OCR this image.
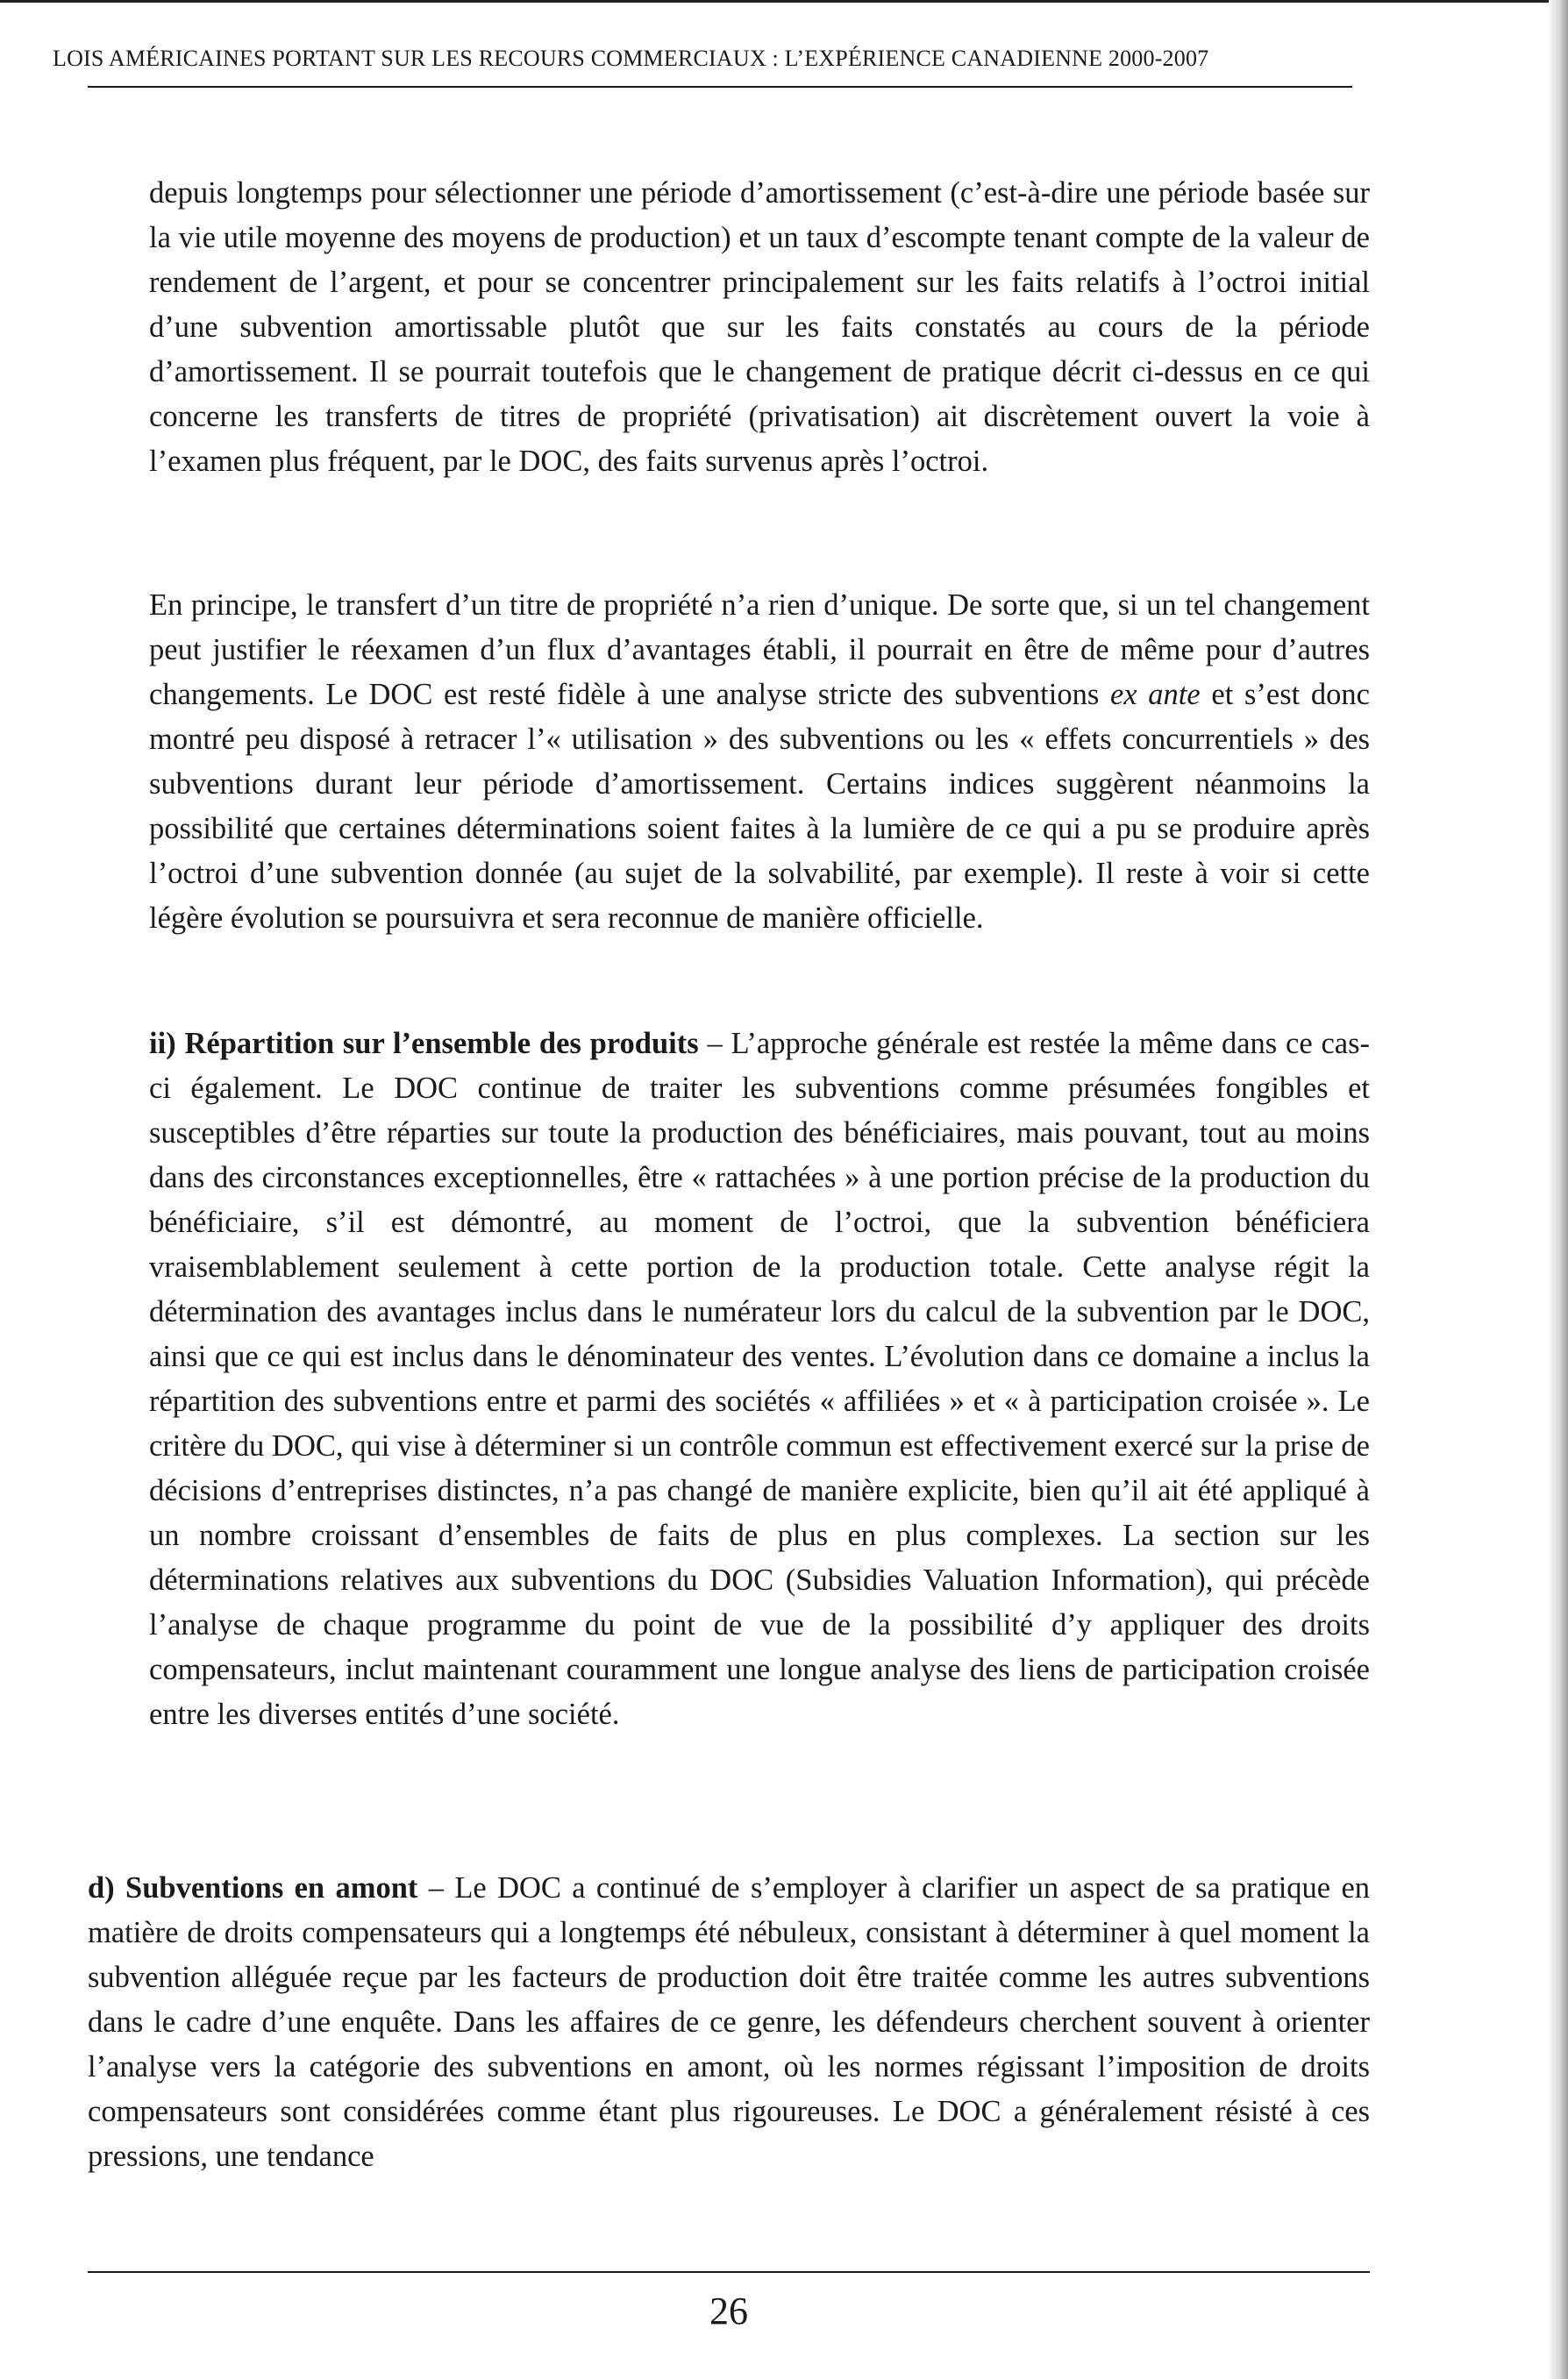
LOIS AMÉRICAINES PORTANT SUR LES RECOURS COMMERCIAUX : L’EXPÉRIENCE CANADIENNE 2000-2007

depuis longtemps pour sélectionner une période d’amortissement (c’est-à-dire une période basée sur la vie utile moyenne des moyens de production) et un taux d’escompte tenant compte de la valeur de rendement de l’argent, et pour se concentrer principalement sur les faits relatifs à l’octroi initial d’une subvention amortissable plutôt que sur les faits constatés au cours de la période d’amortissement. Il se pourrait toutefois que le changement de pratique décrit ci-dessus en ce qui concerne les transferts de titres de propriété (privatisation) ait discrètement ouvert la voie à l’examen plus fréquent, par le DOC, des faits survenus après l’octroi.

En principe, le transfert d’un titre de propriété n’a rien d’unique. De sorte que, si un tel changement peut justifier le réexamen d’un flux d’avantages établi, il pourrait en être de même pour d’autres changements. Le DOC est resté fidèle à une analyse stricte des subventions ex ante et s’est donc montré peu disposé à retracer l’« utilisation » des subventions ou les « effets concurrentiels » des subventions durant leur période d’amortissement. Certains indices suggèrent néanmoins la possibilité que certaines déterminations soient faites à la lumière de ce qui a pu se produire après l’octroi d’une subvention donnée (au sujet de la solvabilité, par exemple). Il reste à voir si cette légère évolution se poursuivra et sera reconnue de manière officielle.

ii) Répartition sur l’ensemble des produits – L’approche générale est restée la même dans ce cas-ci également. Le DOC continue de traiter les subventions comme présumées fongibles et susceptibles d’être réparties sur toute la production des bénéficiaires, mais pouvant, tout au moins dans des circonstances exceptionnelles, être « rattachées » à une portion précise de la production du bénéficiaire, s’il est démontré, au moment de l’octroi, que la subvention bénéficiera vraisemblablement seulement à cette portion de la production totale. Cette analyse régit la détermination des avantages inclus dans le numérateur lors du calcul de la subvention par le DOC, ainsi que ce qui est inclus dans le dénominateur des ventes. L’évolution dans ce domaine a inclus la répartition des subventions entre et parmi des sociétés « affiliées » et « à participation croisée ». Le critère du DOC, qui vise à déterminer si un contrôle commun est effectivement exercé sur la prise de décisions d’entreprises distinctes, n’a pas changé de manière explicite, bien qu’il ait été appliqué à un nombre croissant d’ensembles de faits de plus en plus complexes. La section sur les déterminations relatives aux subventions du DOC (Subsidies Valuation Information), qui précède l’analyse de chaque programme du point de vue de la possibilité d’y appliquer des droits compensateurs, inclut maintenant couramment une longue analyse des liens de participation croisée entre les diverses entités d’une société.

d) Subventions en amont – Le DOC a continué de s’employer à clarifier un aspect de sa pratique en matière de droits compensateurs qui a longtemps été nébuleux, consistant à déterminer à quel moment la subvention alléguée reçue par les facteurs de production doit être traitée comme les autres subventions dans le cadre d’une enquête. Dans les affaires de ce genre, les défendeurs cherchent souvent à orienter l’analyse vers la catégorie des subventions en amont, où les normes régissant l’imposition de droits compensateurs sont considérées comme étant plus rigoureuses. Le DOC a généralement résisté à ces pressions, une tendance

26
